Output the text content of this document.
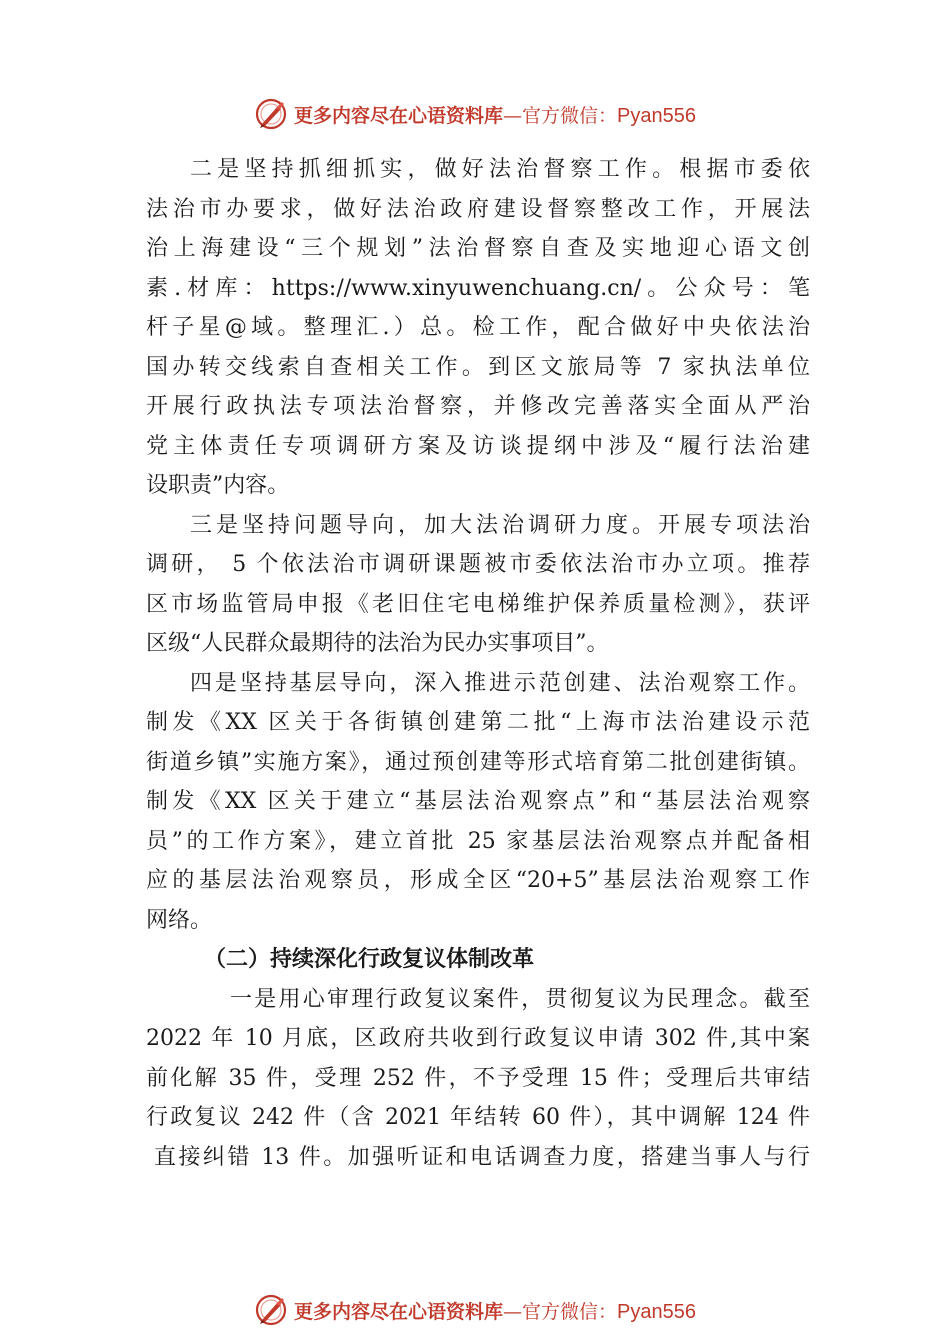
更多内容尽在心语资料库 — 官方微信： Pyan556
二是坚持抓细抓实，做好法治督察工作。根据市委依
法治市办要求，做好法治政府建设督察整改工作，开展法
治上海建设“三个规划”法治督察自查及实地迎心语文创
素.材库：https://www.xinyuwenchuang.cn/。公众号：笔
杆子星@域。整理汇.）总。检工作，配合做好中央依法治
国办转交线索自查相关工作。到区文旅局等 7 家执法单位
开展行政执法专项法治督察，并修改完善落实全面从严治
党主体责任专项调研方案及访谈提纲中涉及“履行法治建
设职责”内容。
三是坚持问题导向，加大法治调研力度。开展专项法治
调研， 5 个依法治市调研课题被市委依法治市办立项。推荐
区市场监管局申报《老旧住宅电梯维护保养质量检测》，获评
区级“人民群众最期待的法治为民办实事项目”。
四是坚持基层导向，深入推进示范创建、法治观察工作。
制发《XX 区关于各街镇创建第二批“上海市法治建设示范
街道乡镇”实施方案》，通过预创建等形式培育第二批创建街镇。
制发《XX 区关于建立“基层法治观察点”和“基层法治观察
员”的工作方案》，建立首批 25 家基层法治观察点并配备相
应的基层法治观察员，形成全区“20+5”基层法治观察工作
网络。
（二）持续深化行政复议体制改革
一是用心审理行政复议案件，贯彻复议为民理念。截至
2022 年 10 月底，区政府共收到行政复议申请 302 件,其中案
前化解 35 件，受理 252 件，不予受理 15 件；受理后共审结
行政复议 242 件（含 2021 年结转 60 件），其中调解 124 件
直接纠错 13 件。加强听证和电话调查力度，搭建当事人与行
更多内容尽在心语资料库 — 官方微信： Pyan556
